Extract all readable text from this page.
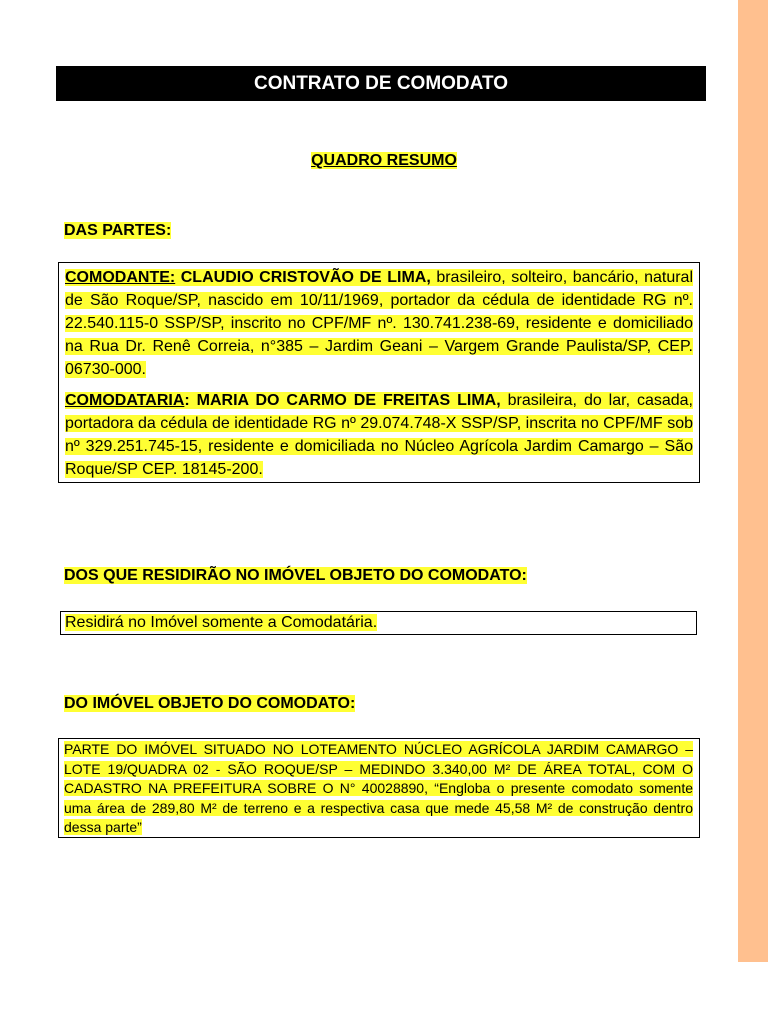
CONTRATO DE COMODATO
QUADRO RESUMO
DAS PARTES:

COMODANTE: CLAUDIO CRISTOVÃO DE LIMA, brasileiro, solteiro, bancário, natural de São Roque/SP, nascido em 10/11/1969, portador da cédula de identidade RG nº. 22.540.115-0 SSP/SP, inscrito no CPF/MF nº. 130.741.238-69, residente e domiciliado na Rua Dr. Renê Correia, n°385 – Jardim Geani – Vargem Grande Paulista/SP, CEP. 06730-000.

COMODATARIA: MARIA DO CARMO DE FREITAS LIMA, brasileira, do lar, casada, portadora da cédula de identidade RG nº 29.074.748-X SSP/SP, inscrita no CPF/MF sob nº 329.251.745-15, residente e domiciliada no Núcleo Agrícola Jardim Camargo – São Roque/SP CEP. 18145-200.

DOS QUE RESIDIRÃO NO IMÓVEL OBJETO DO COMODATO:
Residirá no Imóvel somente a Comodatária.
DO IMÓVEL OBJETO DO COMODATO:
PARTE DO IMÓVEL SITUADO NO LOTEAMENTO NÚCLEO AGRÍCOLA JARDIM CAMARGO – LOTE 19/QUADRA 02 - SÃO ROQUE/SP – MEDINDO 3.340,00 M² DE ÁREA TOTAL, COM O CADASTRO NA PREFEITURA SOBRE O N° 40028890, “Engloba o presente comodato somente uma área de 289,80 M² de terreno e a respectiva casa que mede 45,58 M² de construção dentro dessa parte”
